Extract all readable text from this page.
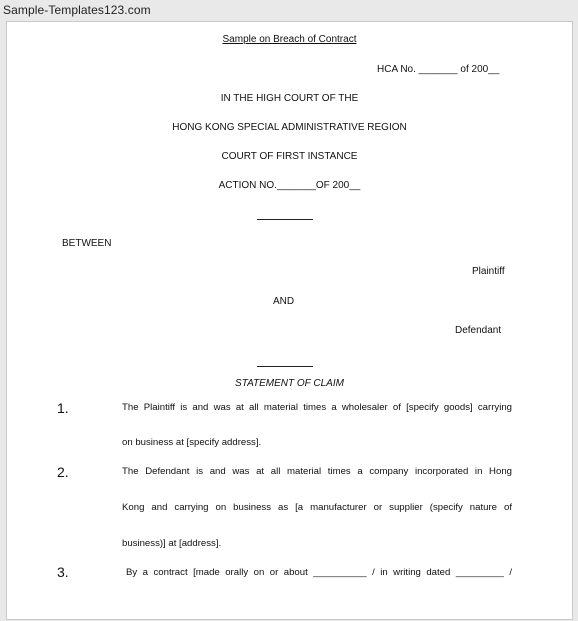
Sample-Templates123.com
Sample on Breach of Contract
HCA No. _______ of 200__
IN THE HIGH COURT OF THE
HONG KONG SPECIAL ADMINISTRATIVE REGION
COURT OF FIRST INSTANCE
ACTION NO._______OF 200__
BETWEEN
Plaintiff
AND
Defendant
STATEMENT OF CLAIM
1.	The Plaintiff is and was at all material times a wholesaler of [specify goods] carrying
on business at [specify address].
2.	The Defendant is and was at all material times a company incorporated in Hong
Kong and carrying on business as [a manufacturer or supplier (specify nature of
business)] at [address].
3.	By a contract [made orally on or about __________ / in writing dated _________ /
